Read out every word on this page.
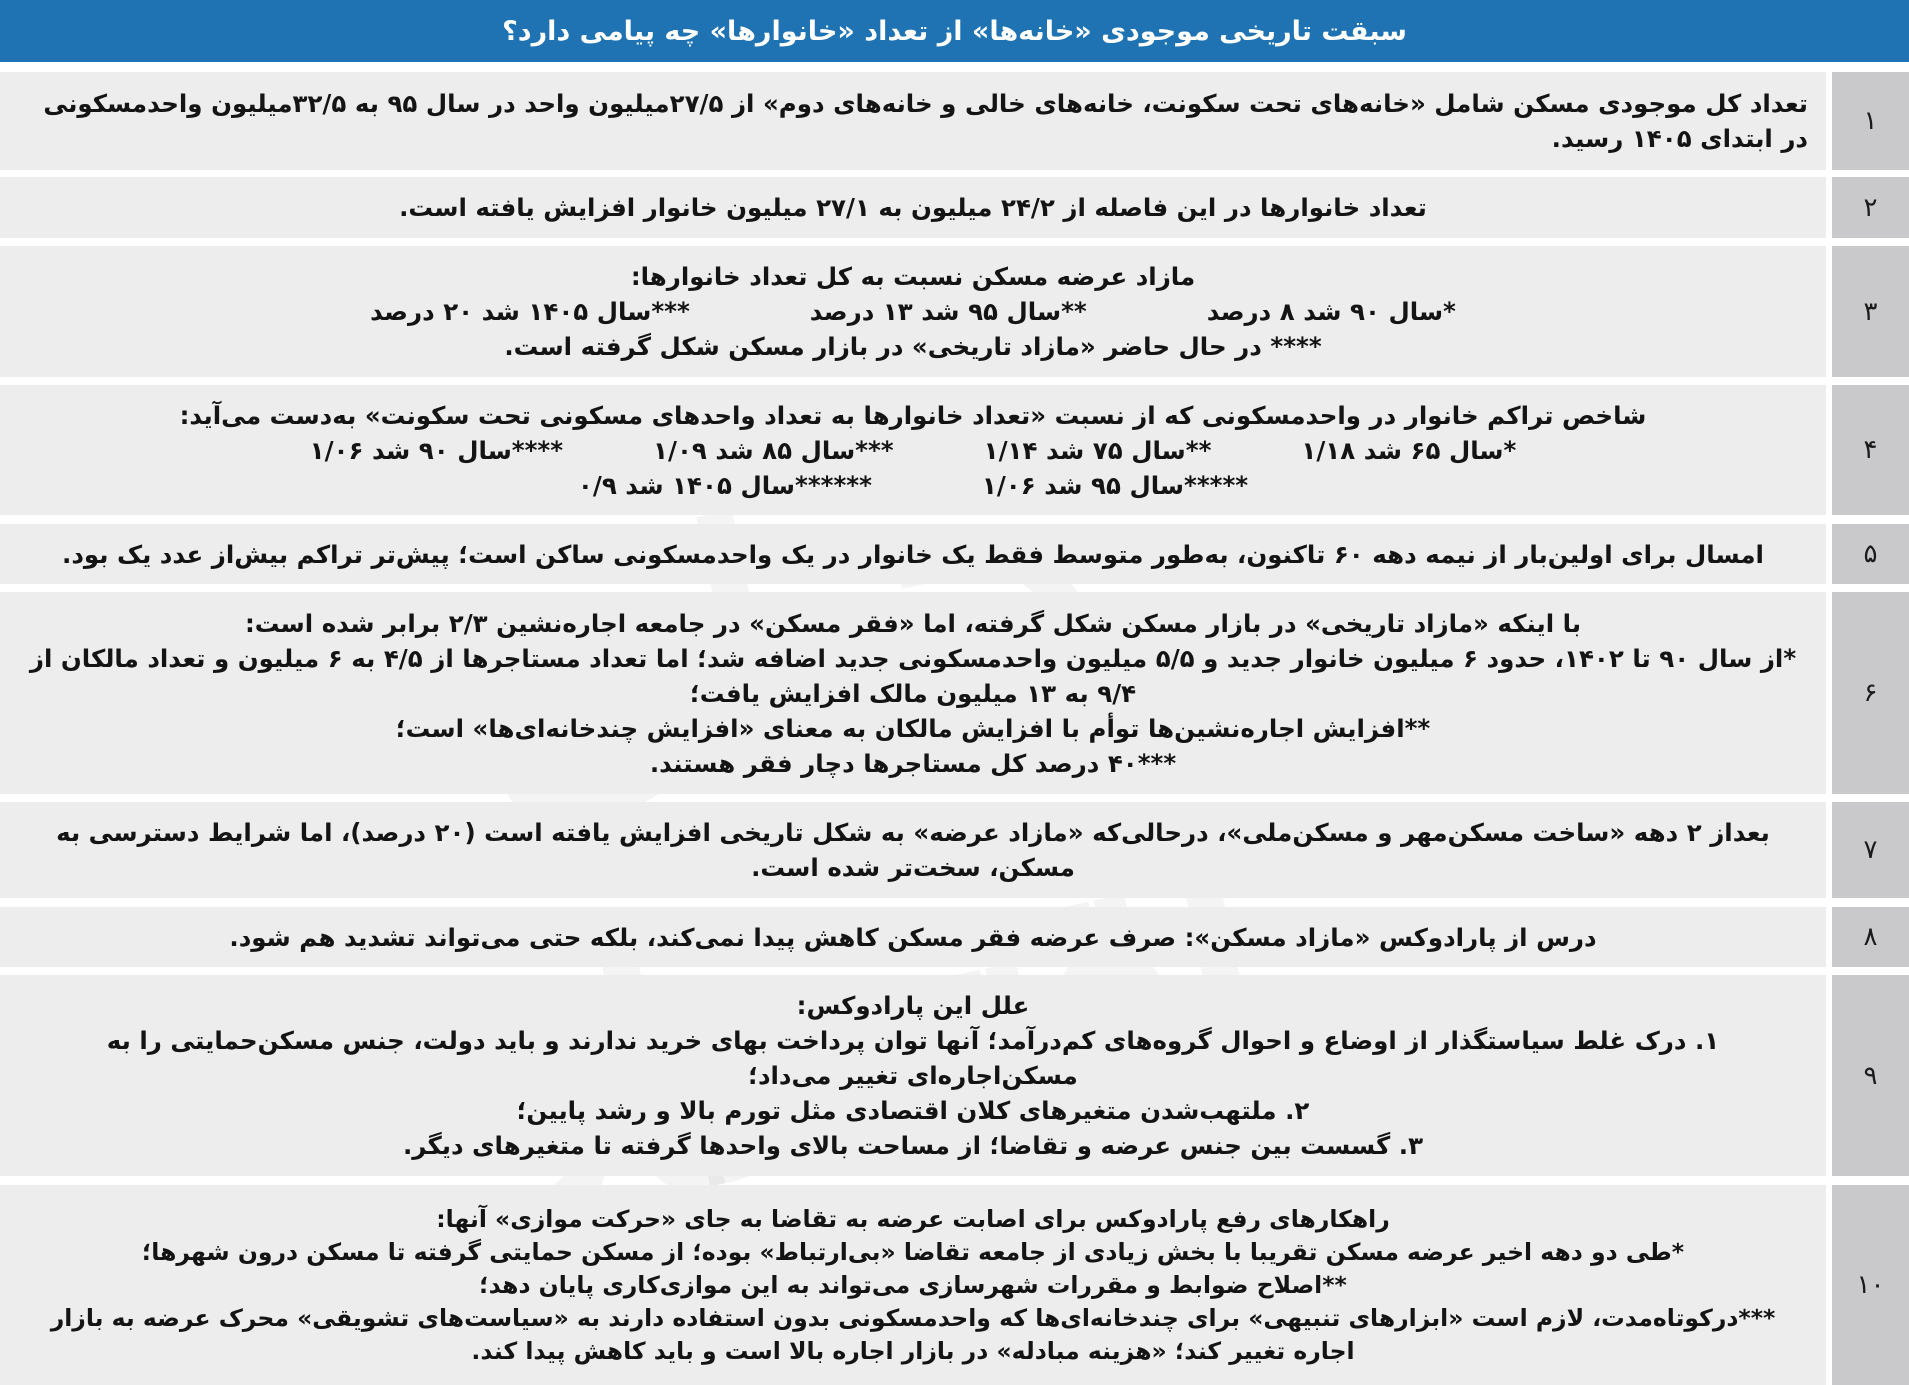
سبقت تاریخی موجودی «خانه‌ها» از تعداد «خانوارها» چه پیامی دارد؟
۱
تعداد کل موجودی مسکن شامل «خانه‌های تحت سکونت، خانه‌های خالی و خانه‌های دوم» از ۲۷/۵میلیون واحد در سال ۹۵ به ۳۲/۵میلیون واحدمسکونی در ابتدای ۱۴۰۵ رسید.
۲
تعداد خانوارها در این فاصله از ۲۴/۲ میلیون به ۲۷/۱ میلیون خانوار افزایش یافته است.
۳
مازاد عرضه مسکن نسبت به کل تعداد خانوارها:
*سال ۹۰ شد ۸ درصد
**سال ۹۵ شد ۱۳ درصد
***سال ۱۴۰۵ شد ۲۰ درصد
**** در حال حاضر «مازاد تاریخی» در بازار مسکن شکل گرفته است.
۴
شاخص تراکم خانوار در واحدمسکونی که از نسبت «تعداد خانوارها به تعداد واحدهای مسکونی تحت سکونت» به‌دست می‌آید:
*سال ۶۵ شد ۱/۱۸
**سال ۷۵ شد ۱/۱۴
***سال ۸۵ شد ۱/۰۹
****سال ۹۰ شد ۱/۰۶
*****سال ۹۵ شد ۱/۰۶
******سال ۱۴۰۵ شد ۰/۹
۵
امسال برای اولین‌بار از نیمه دهه ۶۰ تاکنون، به‌طور متوسط فقط یک خانوار در یک واحدمسکونی ساکن است؛ پیش‌تر تراکم بیش‌از عدد یک بود.
۶
با اینکه «مازاد تاریخی» در بازار مسکن شکل گرفته، اما «فقر مسکن» در جامعه اجاره‌نشین ۲/۳ برابر شده است:
*از سال ۹۰ تا ۱۴۰۲، حدود ۶ میلیون خانوار جدید و ۵/۵ میلیون واحدمسکونی جدید اضافه شد؛ اما تعداد مستاجرها از ۴/۵ به ۶ میلیون و تعداد مالکان از ۹/۴ به ۱۳ میلیون مالک افزایش یافت؛
**افزایش اجاره‌نشین‌ها توأم با افزایش مالکان به معنای «افزایش چندخانه‌ای‌ها» است؛
***۴۰ درصد کل مستاجرها دچار فقر هستند.
۷
بعداز ۲ دهه «ساخت مسکن‌مهر و مسکن‌ملی»، درحالی‌که «مازاد عرضه» به شکل تاریخی افزایش یافته است (۲۰ درصد)، اما شرایط دسترسی به مسکن، سخت‌تر شده است.
۸
درس از پارادوکس «مازاد مسکن»: صرف عرضه فقر مسکن کاهش پیدا نمی‌کند، بلکه حتی می‌تواند تشدید هم شود.
۹
علل این پارادوکس:
۱. درک غلط سیاستگذار از اوضاع و احوال گروه‌های کم‌درآمد؛ آنها توان پرداخت بهای خرید ندارند و باید دولت، جنس مسکن‌حمایتی را به مسکن‌اجاره‌ای تغییر می‌داد؛
۲. ملتهب‌شدن متغیرهای کلان اقتصادی مثل تورم بالا و رشد پایین؛
۳. گسست بین جنس عرضه و تقاضا؛ از مساحت بالای واحدها گرفته تا متغیرهای دیگر.
۱۰
راهکارهای رفع پارادوکس برای اصابت عرضه به تقاضا به جای «حرکت موازی» آنها:
*طی دو دهه اخیر عرضه مسکن تقریبا با بخش زیادی از جامعه تقاضا «بی‌ارتباط» بوده؛ از مسکن حمایتی گرفته تا مسکن درون شهرها؛
**اصلاح ضوابط و مقررات شهرسازی می‌تواند به این موازی‌کاری پایان دهد؛
***درکوتاه‌مدت، لازم است «ابزارهای تنبیهی» برای چندخانه‌ای‌ها که واحدمسکونی بدون استفاده دارند به «سیاست‌های تشویقی» محرک عرضه به بازار اجاره تغییر کند؛ «هزینه مبادله» در بازار اجاره بالا است و باید کاهش پیدا کند.
